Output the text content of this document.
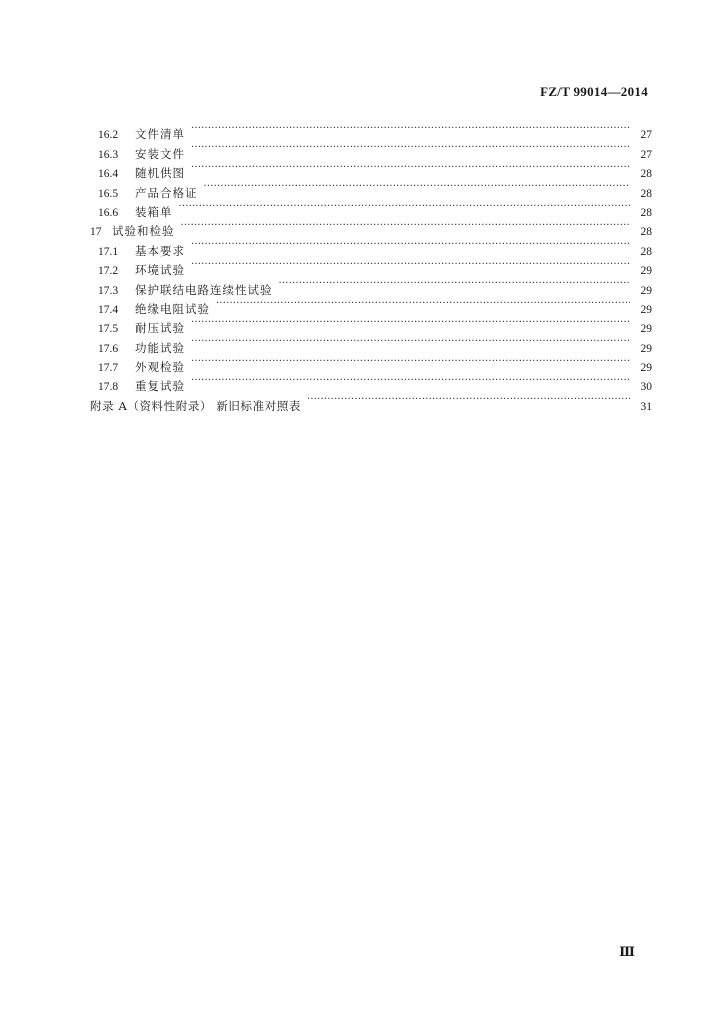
FZ/T 99014—2014
16.2	文件清单 ·····	27
16.3	安装文件 ·····	27
16.4	随机供图 ·····	28
16.5	产品合格证 ·····	28
16.6	装箱单 ·····	28
17 试验和检验 ·····	28
17.1	基本要求 ·····	28
17.2	环境试验 ·····	29
17.3	保护联结电路连续性试验 ·····	29
17.4	绝缘电阻试验 ·····	29
17.5	耐压试验 ·····	29
17.6	功能试验 ·····	29
17.7	外观检验 ·····	29
17.8	重复试验 ·····	30
附录 A（资料性附录） 新旧标准对照表 ·····	31
Ⅲ
